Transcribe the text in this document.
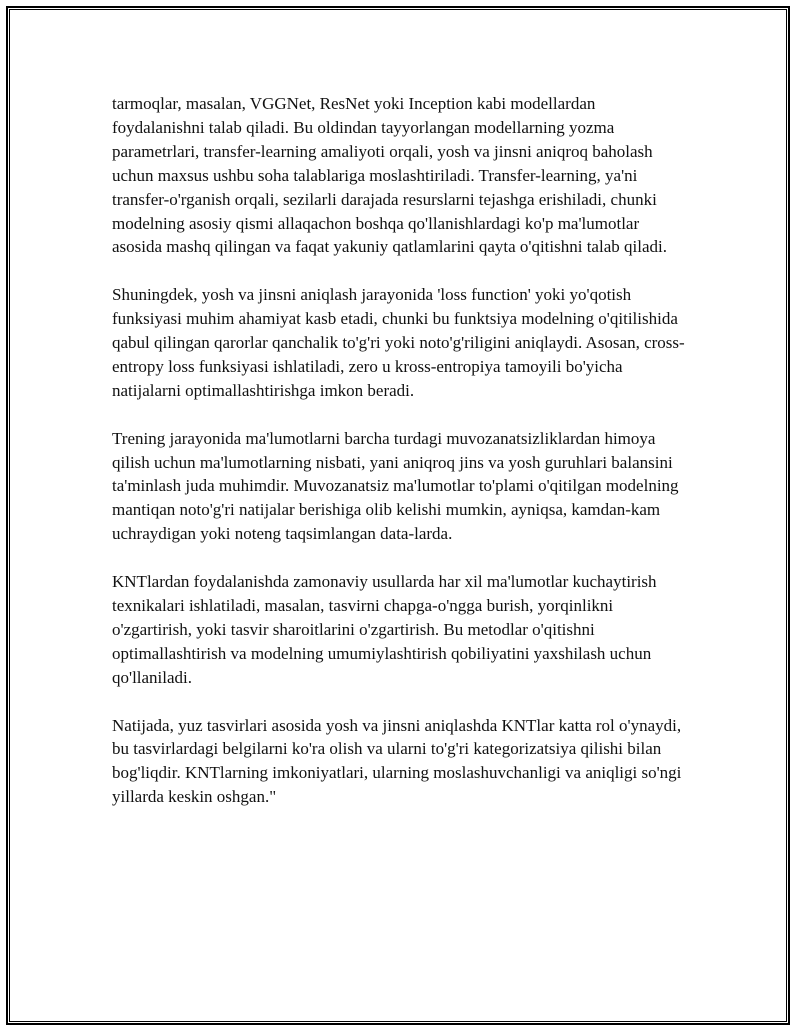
tarmoqlar, masalan, VGGNet, ResNet yoki Inception kabi modellardan foydalanishni talab qiladi. Bu oldindan tayyorlangan modellarning yozma parametrlari, transfer-learning amaliyoti orqali, yosh va jinsni aniqroq baholash uchun maxsus ushbu soha talablariga moslashtiriladi. Transfer-learning, ya'ni transfer-o'rganish orqali, sezilarli darajada resurslarni tejashga erishiladi, chunki modelning asosiy qismi allaqachon boshqa qo'llanishlardagi ko'p ma'lumotlar asosida mashq qilingan va faqat yakuniy qatlamlarini qayta o'qitishni talab qiladi.

Shuningdek, yosh va jinsni aniqlash jarayonida 'loss function' yoki yo'qotish funksiyasi muhim ahamiyat kasb etadi, chunki bu funktsiya modelning o'qitilishida qabul qilingan qarorlar qanchalik to'g'ri yoki noto'g'riligini aniqlaydi. Asosan, cross-entropy loss funksiyasi ishlatiladi, zero u kross-entropiya tamoyili bo'yicha natijalarni optimallashtirishga imkon beradi.

Trening jarayonida ma'lumotlarni barcha turdagi muvozanatsizliklardan himoya qilish uchun ma'lumotlarning nisbati, yani aniqroq jins va yosh guruhlari balansini ta'minlash juda muhimdir. Muvozanatsiz ma'lumotlar to'plami o'qitilgan modelning mantiqan noto'g'ri natijalar berishiga olib kelishi mumkin, ayniqsa, kamdan-kam uchraydigan yoki noteng taqsimlangan data-larda.

KNTlardan foydalanishda zamonaviy usullarda har xil ma'lumotlar kuchaytirish texnikalari ishlatiladi, masalan, tasvirni chapga-o'ngga burish, yorqinlikni o'zgartirish, yoki tasvir sharoitlarini o'zgartirish. Bu metodlar o'qitishni optimallashtirish va modelning umumiylashtirish qobiliyatini yaxshilash uchun qo'llaniladi.

Natijada, yuz tasvirlari asosida yosh va jinsni aniqlashda KNTlar katta rol o'ynaydi, bu tasvirlardagi belgilarni ko'ra olish va ularni to'g'ri kategorizatsiya qilishi bilan bog'liqdir. KNTlarning imkoniyatlari, ularning moslashuvchanligi va aniqligi so'ngi yillarda keskin oshgan."
